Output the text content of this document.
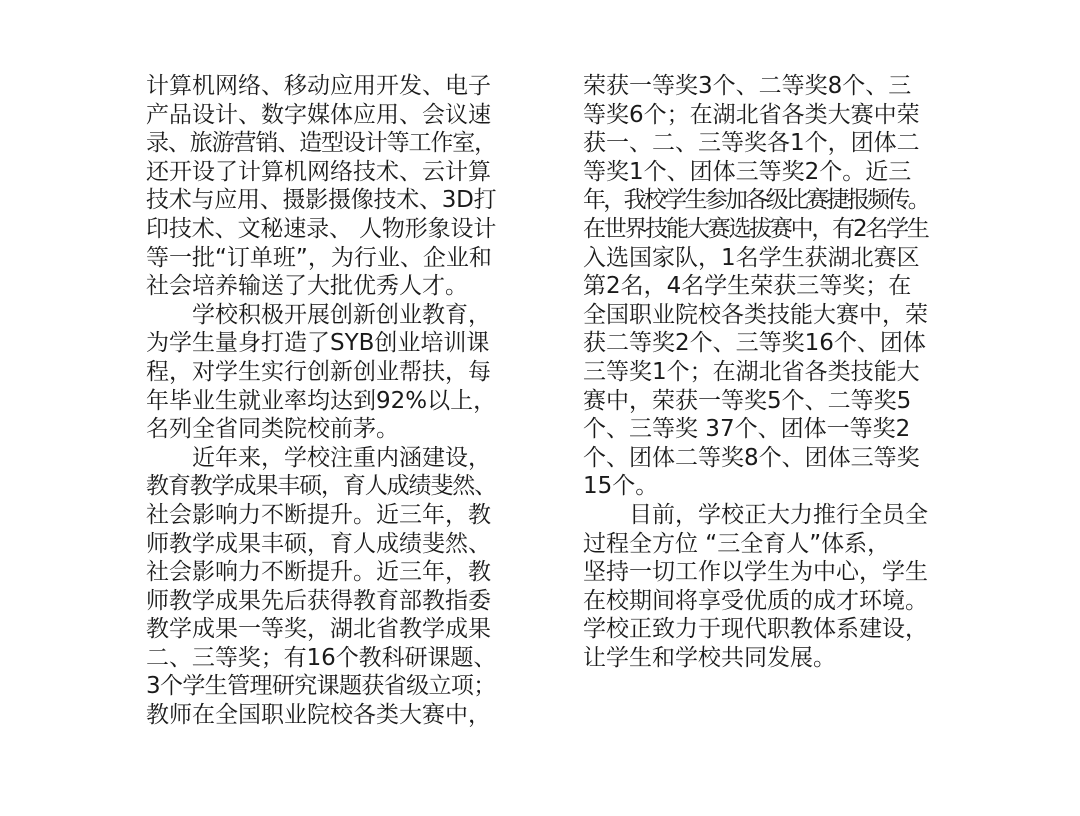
计算机网络、移动应用开发、电子
产品设计、数字媒体应用、会议速
录、旅游营销、造型设计等工作室，
还开设了计算机网络技术、云计算
技术与应用、摄影摄像技术、3D打
印技术、文秘速录、 人物形象设计
等一批“订单班”，为行业、企业和
社会培养输送了大批优秀人才。
　　学校积极开展创新创业教育，
为学生量身打造了SYB创业培训课
程，对学生实行创新创业帮扶，每
年毕业生就业率均达到92%以上，
名列全省同类院校前茅。
　　近年来，学校注重内涵建设，
教育教学成果丰硕，育人成绩斐然、
社会影响力不断提升。近三年，教
师教学成果丰硕，育人成绩斐然、
社会影响力不断提升。近三年，教
师教学成果先后获得教育部教指委
教学成果一等奖，湖北省教学成果
二、三等奖；有16个教科研课题、
3个学生管理研究课题获省级立项；
教师在全国职业院校各类大赛中，
荣获一等奖3个、二等奖8个、三
等奖6个；在湖北省各类大赛中荣
获一、二、三等奖各1个，团体二
等奖1个、团体三等奖2个。近三
年，我校学生参加各级比赛捷报频传。
在世界技能大赛选拔赛中，有2名学生
入选国家队，1名学生获湖北赛区
第2名，4名学生荣获三等奖；在
全国职业院校各类技能大赛中，荣
获二等奖2个、三等奖16个、团体
三等奖1个；在湖北省各类技能大
赛中，荣获一等奖5个、二等奖5
个、三等奖 37个、团体一等奖2
个、团体二等奖8个、团体三等奖
15个。
　　目前，学校正大力推行全员全
过程全方位 “三全育人”体系，
坚持一切工作以学生为中心，学生
在校期间将享受优质的成才环境。
学校正致力于现代职教体系建设，
让学生和学校共同发展。
